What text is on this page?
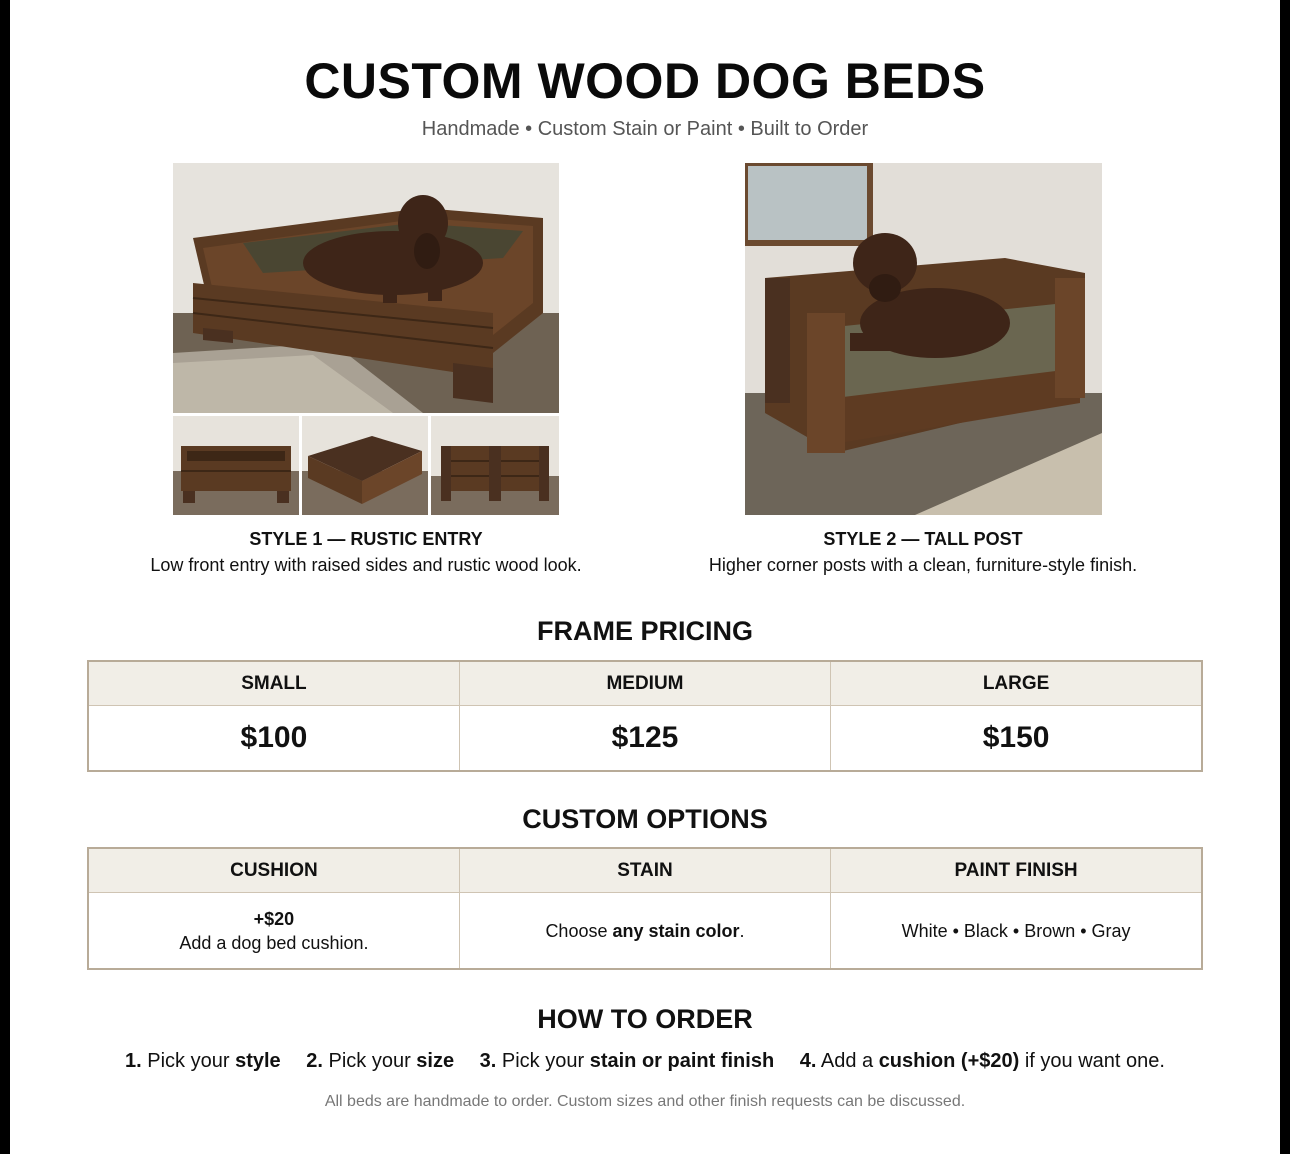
CUSTOM WOOD DOG BEDS
Handmade • Custom Stain or Paint • Built to Order
STYLE 1 — RUSTIC ENTRY
Low front entry with raised sides and rustic wood look.
STYLE 2 — TALL POST
Higher corner posts with a clean, furniture-style finish.
FRAME PRICING
SMALL	MEDIUM	LARGE
$100	$125	$150
CUSTOM OPTIONS
CUSHION	STAIN	PAINT FINISH

+$20
Add a dog bed cushion.	Choose any stain color.	White • Black • Brown • Gray
HOW TO ORDER
1. Pick your style 2. Pick your size 3. Pick your stain or paint finish 4. Add a cushion (+$20) if you want one.
All beds are handmade to order. Custom sizes and other finish requests can be discussed.
